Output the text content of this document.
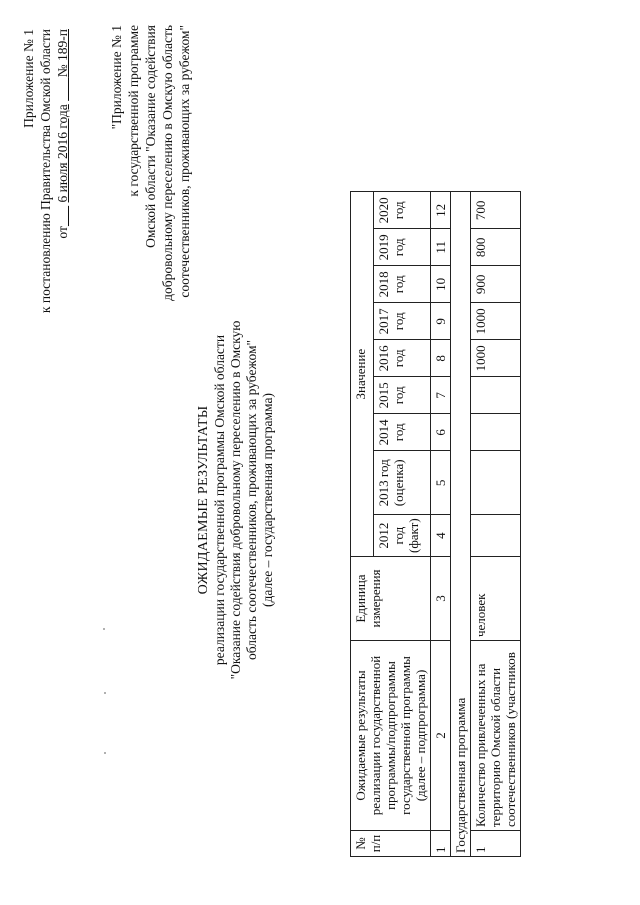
Приложение № 1 к постановлению Правительства Омской области от       6 июля 2016 года        № 189-п	"Приложение № 1 к государственной программе Омской области "Оказание содействия добровольному переселению в Омскую область соотечественников, проживающих за рубежом"
ОЖИДАЕМЫЕ РЕЗУЛЬТАТЫ реализации государственной программы Омской области "Оказание содействия добровольному переселению в Омскую область соотечественников, проживающих за рубежом" (далее – государственная программа)
№ п/п	Ожидаемые результаты реализации государственной программы/подпрограммы государственной программы (далее – подпрограмма)	Единица измерения	Значение								
			2012 год (факт)	2013 год (оценка)	2014 год	2015 год	2016 год	2017 год	2018 год	2019 год	2020 год
1	2	3	4	5	6	7	8	9	10	11	12
Государственная программа											
1	Количество привлеченных на территорию Омской области соотечественников (участников	человек					1000	1000	900	800	700
